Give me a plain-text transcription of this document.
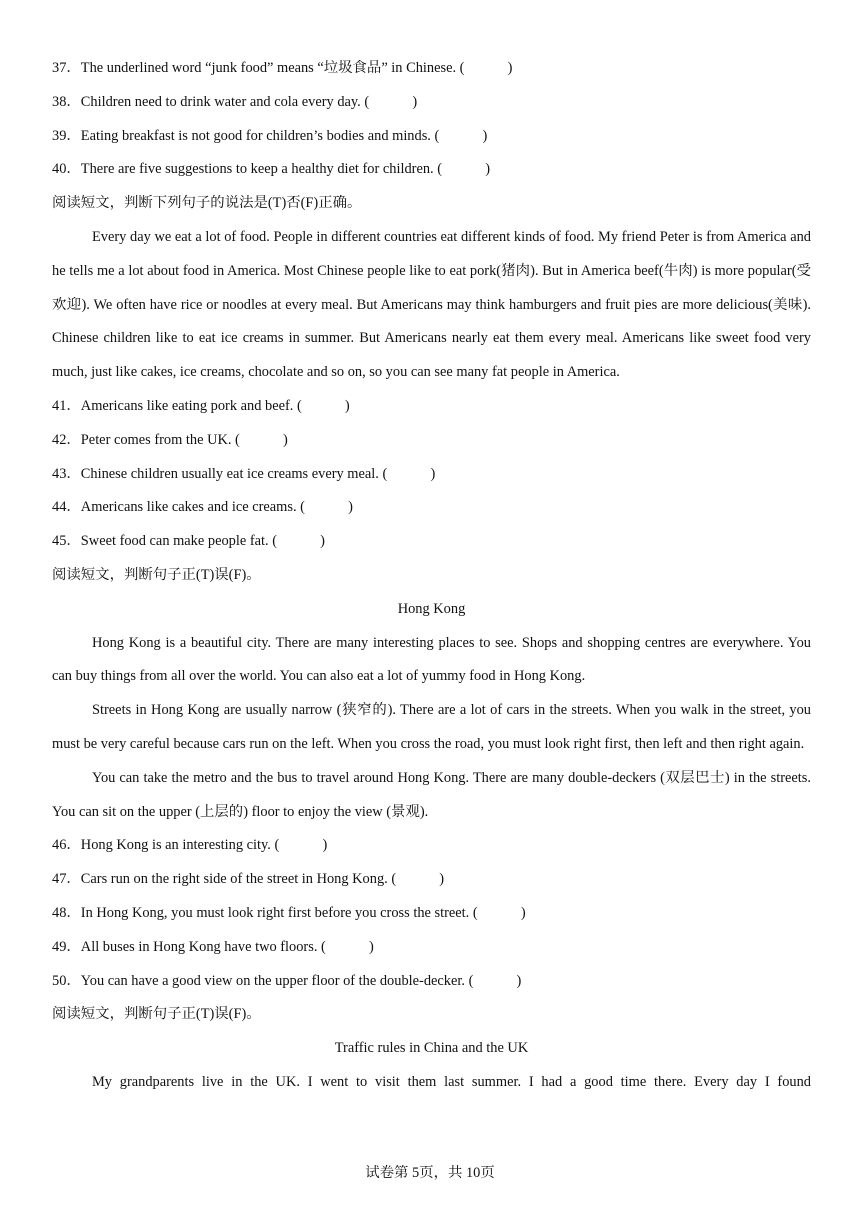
37．The underlined word “junk food” means “垃圾食品” in Chinese. (　　　)
38．Children need to drink water and cola every day. (　　　)
39．Eating breakfast is not good for children’s bodies and minds. (　　　)
40．There are five suggestions to keep a healthy diet for children. (　　　)
阅读短文，判断下列句子的说法是(T)否(F)正确。

Every day we eat a lot of food. People in different countries eat different kinds of food. My friend Peter is from America and he tells me a lot about food in America. Most Chinese people like to eat pork(猪肉). But in America beef(牛肉) is more popular(受欢迎). We often have rice or noodles at every meal. But Americans may think hamburgers and fruit pies are more delicious(美味). Chinese children like to eat ice creams in summer. But Americans nearly eat them every meal. Americans like sweet food very much, just like cakes, ice creams, chocolate and so on, so you can see many fat people in America.

41．Americans like eating pork and beef. (　　　)
42．Peter comes from the UK. (　　　)
43．Chinese children usually eat ice creams every meal. (　　　)
44．Americans like cakes and ice creams. (　　　)
45．Sweet food can make people fat. (　　　)
阅读短文，判断句子正(T)误(F)。
Hong Kong

Hong Kong is a beautiful city. There are many interesting places to see. Shops and shopping centres are everywhere. You can buy things from all over the world. You can also eat a lot of yummy food in Hong Kong.

Streets in Hong Kong are usually narrow (狭窄的). There are a lot of cars in the streets. When you walk in the street, you must be very careful because cars run on the left. When you cross the road, you must look right first, then left and then right again.

You can take the metro and the bus to travel around Hong Kong. There are many double-deckers (双层巴士) in the streets. You can sit on the upper (上层的) floor to enjoy the view (景观).

46．Hong Kong is an interesting city. (　　　)
47．Cars run on the right side of the street in Hong Kong. (　　　)
48．In Hong Kong, you must look right first before you cross the street. (　　　)
49．All buses in Hong Kong have two floors. (　　　)
50．You can have a good view on the upper floor of the double-decker. (　　　)
阅读短文，判断句子正(T)误(F)。
Traffic rules in China and the UK

My grandparents live in the UK. I went to visit them last summer. I had a good time there. Every day I found

试卷第 5页，共 10页
